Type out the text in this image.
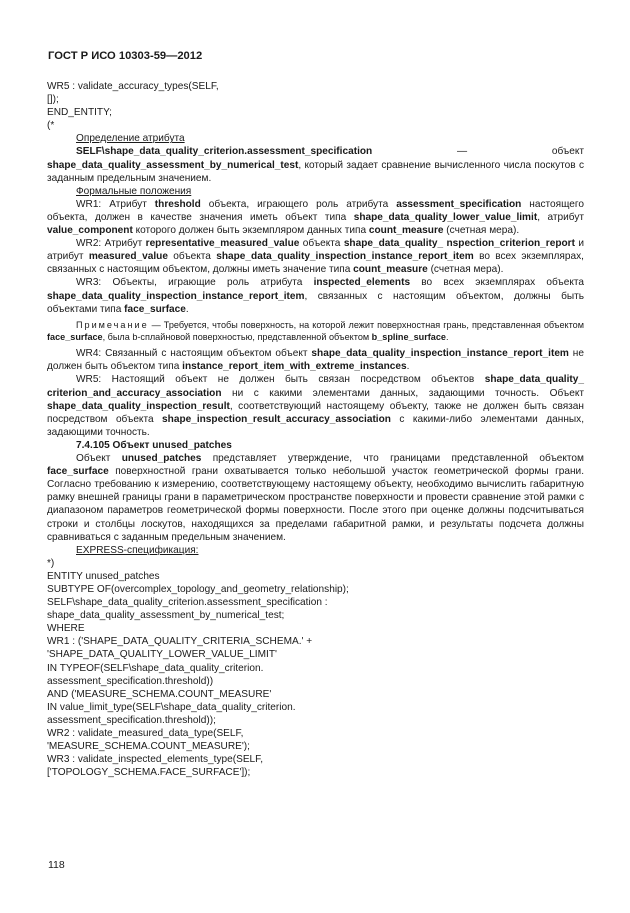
ГОСТ Р ИСО 10303-59—2012
WR5 : validate_accuracy_types(SELF,
[]);
END_ENTITY;
(*

Определение атрибута

SELF\shape_data_quality_criterion.assessment_specification — объект shape_data_quality_assessment_by_numerical_test, который задает сравнение вычисленного числа поскутов с заданным предельным значением.

Формальные положения

WR1: Атрибут threshold объекта, играющего роль атрибута assessment_specification настоящего объекта, должен в качестве значения иметь объект типа shape_data_quality_lower_value_limit, атрибут value_component которого должен быть экземпляром данных типа count_measure (счетная мера).

WR2: Атрибут representative_measured_value объекта shape_data_quality_ nspection_criterion_report и атрибут measured_value объекта shape_data_quality_inspection_instance_report_item во всех экземплярах, связанных с настоящим объектом, должны иметь значение типа count_measure (счетная мера).

WR3: Объекты, играющие роль атрибута inspected_elements во всех экземплярах объекта shape_data_quality_inspection_instance_report_item, связанных с настоящим объектом, должны быть объектами типа face_surface.

Примечание — Требуется, чтобы поверхность, на которой лежит поверхностная грань, представленная объектом face_surface, была b-сплайновой поверхностью, представленной объектом b_spline_surface.

WR4: Связанный с настоящим объектом объект shape_data_quality_inspection_instance_report_item не должен быть объектом типа instance_report_item_with_extreme_instances.

WR5: Настоящий объект не должен быть связан посредством объектов shape_data_quality_ criterion_and_accuracy_association ни с какими элементами данных, задающими точность. Объект shape_data_quality_inspection_result, соответствующий настоящему объекту, также не должен быть связан посредством объекта shape_inspection_result_accuracy_association с какими-либо элементами данных, задающими точность.

7.4.105 Объект unused_patches

Объект unused_patches представляет утверждение, что границами представленной объектом face_surface поверхностной грани охватывается только небольшой участок геометрической формы грани. Согласно требованию к измерению, соответствующему настоящему объекту, необходимо вычислить габаритную рамку внешней границы грани в параметрическом пространстве поверхности и провести сравнение этой рамки с диапазоном параметров геометрической формы поверхности. После этого при оценке должны подсчитываться строки и столбцы лоскутов, находящихся за пределами габаритной рамки, и результаты подсчета должны сравниваться с заданным предельным значением.

EXPRESS-спецификация:

*)
ENTITY unused_patches
SUBTYPE OF(overcomplex_topology_and_geometry_relationship);
SELF\shape_data_quality_criterion.assessment_specification :
shape_data_quality_assessment_by_numerical_test;
WHERE
WR1 : ('SHAPE_DATA_QUALITY_CRITERIA_SCHEMA.' +
'SHAPE_DATA_QUALITY_LOWER_VALUE_LIMIT'
IN TYPEOF(SELF\shape_data_quality_criterion.
assessment_specification.threshold))
AND ('MEASURE_SCHEMA.COUNT_MEASURE'
IN value_limit_type(SELF\shape_data_quality_criterion.
assessment_specification.threshold));
WR2 : validate_measured_data_type(SELF,
'MEASURE_SCHEMA.COUNT_MEASURE');
WR3 : validate_inspected_elements_type(SELF,
['TOPOLOGY_SCHEMA.FACE_SURFACE']);
118
